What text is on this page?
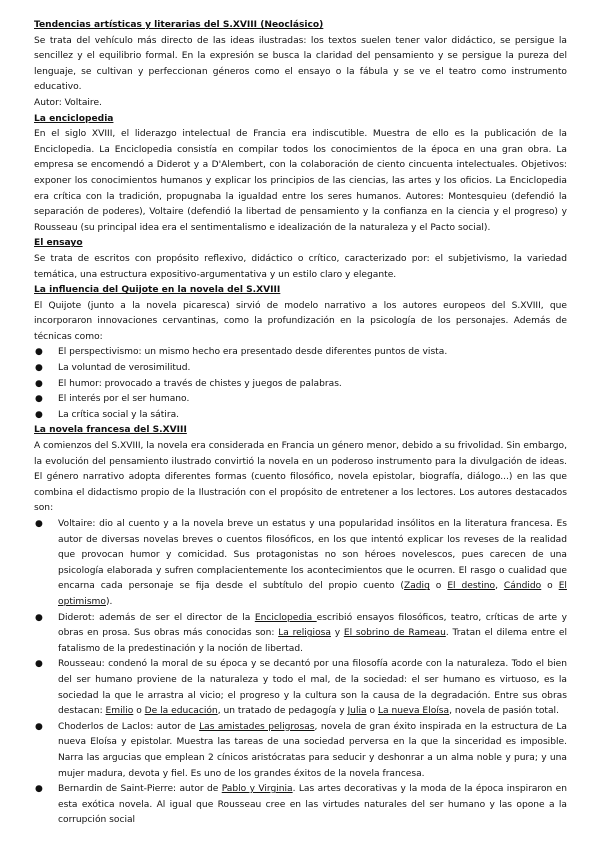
Tendencias artísticas y literarias del S.XVIII (Neoclásico)

Se trata del vehículo más directo de las ideas ilustradas: los textos suelen tener valor didáctico, se persigue la sencillez y el equilibrio formal. En la expresión se busca la claridad del pensamiento y se persigue la pureza del lenguaje, se cultivan y perfeccionan géneros como el ensayo o la fábula y se ve el teatro como instrumento educativo.

Autor: Voltaire.

La enciclopedia

En el siglo XVIII, el liderazgo intelectual de Francia era indiscutible. Muestra de ello es la publicación de la Enciclopedia. La Enciclopedia consistía en compilar todos los conocimientos de la época en una gran obra. La empresa se encomendó a Diderot y a D'Alembert, con la colaboración de ciento cincuenta intelectuales. Objetivos: exponer los conocimientos humanos y explicar los principios de las ciencias, las artes y los oficios. La Enciclopedia era crítica con la tradición, propugnaba la igualdad entre los seres humanos. Autores: Montesquieu (defendió la separación de poderes), Voltaire (defendió la libertad de pensamiento y la confianza en la ciencia y el progreso) y Rousseau (su principal idea era el sentimentalismo e idealización de la naturaleza y el Pacto social).

El ensayo

Se trata de escritos con propósito reflexivo, didáctico o crítico, caracterizado por: el subjetivismo, la variedad temática, una estructura expositivo-argumentativa y un estilo claro y elegante.

La influencia del Quijote en la novela del S.XVIII

El Quijote (junto a la novela picaresca) sirvió de modelo narrativo a los autores europeos del S.XVIII, que incorporaron innovaciones cervantinas, como la profundización en la psicología de los personajes. Además de técnicas como:

● El perspectivismo: un mismo hecho era presentado desde diferentes puntos de vista.
● La voluntad de verosimilitud.
● El humor: provocado a través de chistes y juegos de palabras.
● El interés por el ser humano.
● La crítica social y la sátira.
La novela francesa del S.XVIII

A comienzos del S.XVIII, la novela era considerada en Francia un género menor, debido a su frivolidad. Sin embargo, la evolución del pensamiento ilustrado convirtió la novela en un poderoso instrumento para la divulgación de ideas. El género narrativo adopta diferentes formas (cuento filosófico, novela epistolar, biografía, diálogo...) en las que combina el didactismo propio de la Ilustración con el propósito de entretener a los lectores. Los autores destacados son:

● Voltaire: dio al cuento y a la novela breve un estatus y una popularidad insólitos en la literatura francesa. Es autor de diversas novelas breves o cuentos filosóficos, en los que intentó explicar los reveses de la realidad que provocan humor y comicidad. Sus protagonistas no son héroes novelescos, pues carecen de una psicología elaborada y sufren complacientemente los acontecimientos que le ocurren. El rasgo o cualidad que encarna cada personaje se fija desde el subtítulo del propio cuento (Zadig o El destino, Cándido o El optimismo).
● Diderot: además de ser el director de la Enciclopedia escribió ensayos filosóficos, teatro, críticas de arte y obras en prosa. Sus obras más conocidas son: La religiosa y El sobrino de Rameau. Tratan el dilema entre el fatalismo de la predestinación y la noción de libertad.
● Rousseau: condenó la moral de su época y se decantó por una filosofía acorde con la naturaleza. Todo el bien del ser humano proviene de la naturaleza y todo el mal, de la sociedad: el ser humano es virtuoso, es la sociedad la que le arrastra al vicio; el progreso y la cultura son la causa de la degradación. Entre sus obras destacan: Emilio o De la educación, un tratado de pedagogía y Julia o La nueva Eloísa, novela de pasión total.
● Choderlos de Laclos: autor de Las amistades peligrosas, novela de gran éxito inspirada en la estructura de La nueva Eloísa y epistolar. Muestra las tareas de una sociedad perversa en la que la sinceridad es imposible. Narra las argucias que emplean 2 cínicos aristócratas para seducir y deshonrar a un alma noble y pura; y una mujer madura, devota y fiel. Es uno de los grandes éxitos de la novela francesa.
● Bernardin de Saint-Pierre: autor de Pablo y Virginia. Las artes decorativas y la moda de la época inspiraron en esta exótica novela. Al igual que Rousseau cree en las virtudes naturales del ser humano y las opone a la corrupción social
